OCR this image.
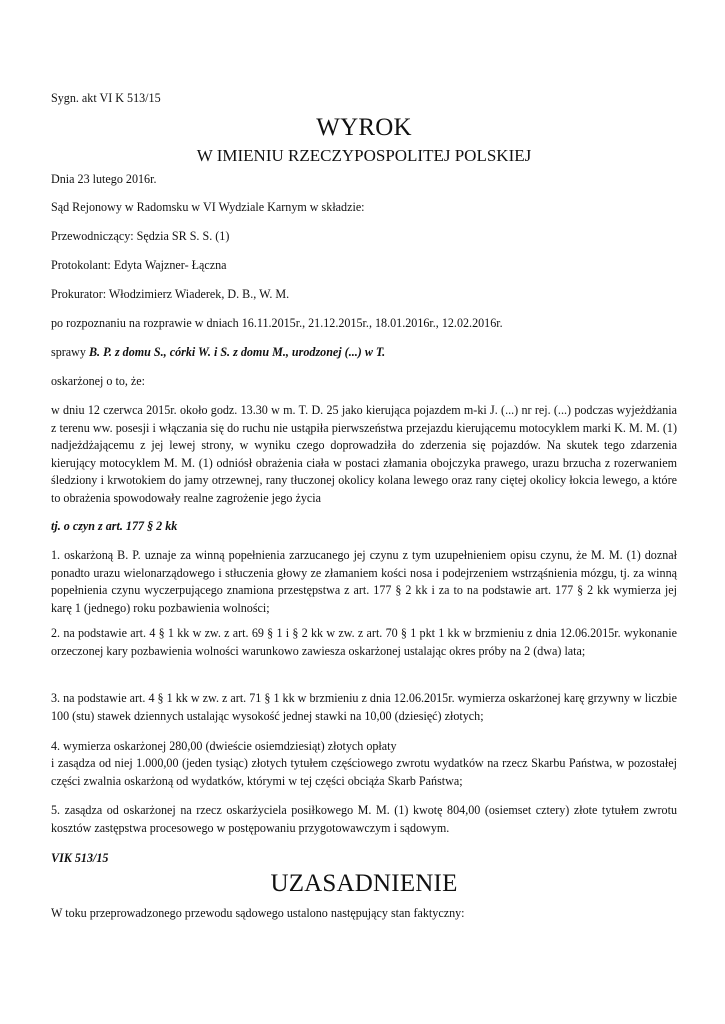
Sygn. akt VI K 513/15

WYROK

W IMIENIU RZECZYPOSPOLITEJ POLSKIEJ

Dnia 23 lutego 2016r.

Sąd Rejonowy w Radomsku w VI Wydziale Karnym w składzie:

Przewodniczący: Sędzia SR S. S. (1)

Protokolant: Edyta Wajzner- Łączna

Prokurator: Włodzimierz Wiaderek, D. B., W. M.

po rozpoznaniu na rozprawie w dniach 16.11.2015r., 21.12.2015r., 18.01.2016r., 12.02.2016r.

sprawy B. P. z domu S., córki W. i S. z domu M., urodzonej (...) w T.

oskarżonej o to, że:

w dniu 12 czerwca 2015r. około godz. 13.30 w m. T. D. 25 jako kierująca pojazdem m-ki J. (...) nr rej. (...) podczas wyjeżdżania z terenu ww. posesji i włączania się do ruchu nie ustąpiła pierwszeństwa przejazdu kierującemu motocyklem marki K. M. M. (1) nadjeżdżającemu z jej lewej strony, w wyniku czego doprowadziła do zderzenia się pojazdów. Na skutek tego zdarzenia kierujący motocyklem M. M. (1) odniósł obrażenia ciała w postaci złamania obojczyka prawego, urazu brzucha z rozerwaniem śledziony i krwotokiem do jamy otrzewnej, rany tłuczonej okolicy kolana lewego oraz rany ciętej okolicy łokcia lewego, a które to obrażenia spowodowały realne zagrożenie jego życia

tj. o czyn z art. 177 § 2 kk

1. oskarżoną B. P. uznaje za winną popełnienia zarzucanego jej czynu z tym uzupełnieniem opisu czynu, że M. M. (1) doznał ponadto urazu wielonarządowego i stłuczenia głowy ze złamaniem kości nosa i podejrzeniem wstrząśnienia mózgu, tj. za winną popełnienia czynu wyczerpującego znamiona przestępstwa z art. 177 § 2 kk i za to na podstawie art. 177 § 2 kk wymierza jej karę 1 (jednego) roku pozbawienia wolności;

2. na podstawie art. 4 § 1 kk w zw. z art. 69 § 1 i § 2 kk w zw. z art. 70 § 1 pkt 1 kk w brzmieniu z dnia 12.06.2015r. wykonanie orzeczonej kary pozbawienia wolności warunkowo zawiesza oskarżonej ustalając okres próby na 2 (dwa) lata;

3. na podstawie art. 4 § 1 kk w zw. z art. 71 § 1 kk w brzmieniu z dnia 12.06.2015r. wymierza oskarżonej karę grzywny w liczbie 100 (stu) stawek dziennych ustalając wysokość jednej stawki na 10,00 (dziesięć) złotych;

4. wymierza oskarżonej 280,00 (dwieście osiemdziesiąt) złotych opłaty

i zasądza od niej 1.000,00 (jeden tysiąc) złotych tytułem częściowego zwrotu wydatków na rzecz Skarbu Państwa, w pozostałej części zwalnia oskarżoną od wydatków, którymi w tej części obciąża Skarb Państwa;

5. zasądza od oskarżonej na rzecz oskarżyciela posiłkowego M. M. (1) kwotę 804,00 (osiemset cztery) złote tytułem zwrotu kosztów zastępstwa procesowego w postępowaniu przygotowawczym i sądowym.

VIK 513/15

UZASADNIENIE

W toku przeprowadzonego przewodu sądowego ustalono następujący stan faktyczny:
